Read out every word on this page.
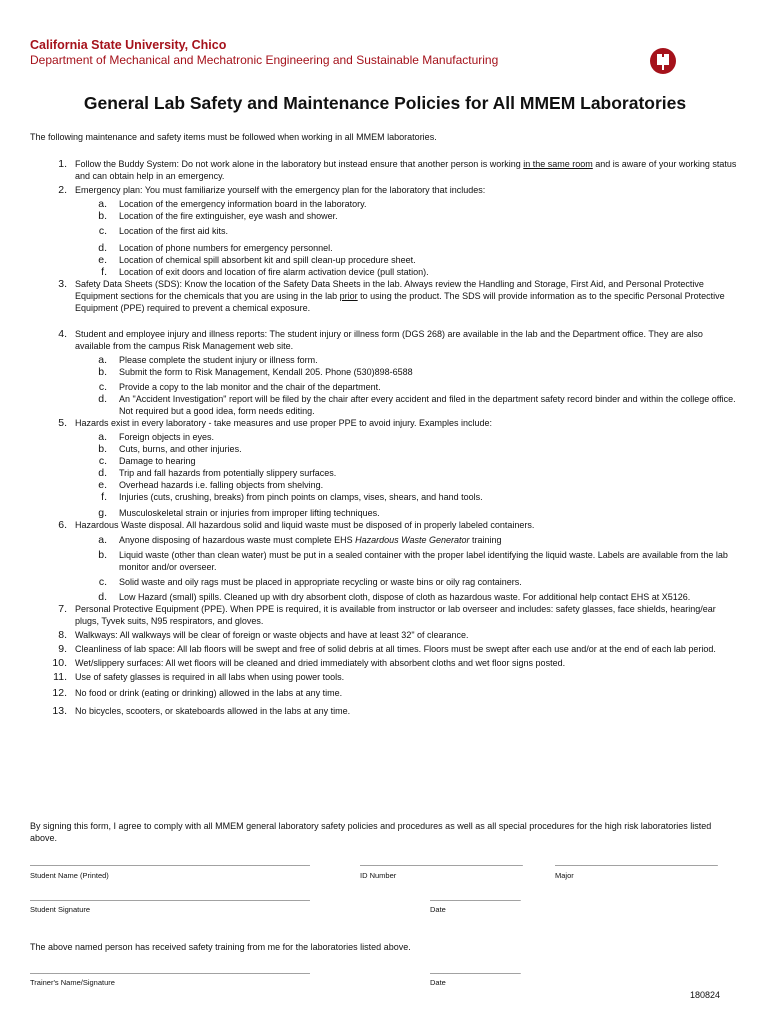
California State University, Chico
Department of Mechanical and Mechatronic Engineering and Sustainable Manufacturing
General Lab Safety and Maintenance Policies for All MMEM Laboratories
The following maintenance and safety items must be followed when working in all MMEM laboratories.
1. Follow the Buddy System: Do not work alone in the laboratory but instead ensure that another person is working in the same room and is aware of your working status and can obtain help in an emergency.
2. Emergency plan: You must familiarize yourself with the emergency plan for the laboratory that includes:
a. Location of the emergency information board in the laboratory.
b. Location of the fire extinguisher, eye wash and shower.
c. Location of the first aid kits.
d. Location of phone numbers for emergency personnel.
e. Location of chemical spill absorbent kit and spill clean-up procedure sheet.
f. Location of exit doors and location of fire alarm activation device (pull station).
3. Safety Data Sheets (SDS): Know the location of the Safety Data Sheets in the lab. Always review the Handling and Storage, First Aid, and Personal Protective Equipment sections for the chemicals that you are using in the lab prior to using the product. The SDS will provide information as to the specific Personal Protective Equipment (PPE) required to prevent a chemical exposure.
4. Student and employee injury and illness reports: The student injury or illness form (DGS 268) are available in the lab and the Department office. They are also available from the campus Risk Management web site.
a. Please complete the student injury or illness form.
b. Submit the form to Risk Management, Kendall 205. Phone (530)898-6588
c. Provide a copy to the lab monitor and the chair of the department.
d. An "Accident Investigation" report will be filed by the chair after every accident and filed in the department safety record binder and within the college office. Not required but a good idea, form needs editing.
5. Hazards exist in every laboratory - take measures and use proper PPE to avoid injury. Examples include:
a. Foreign objects in eyes.
b. Cuts, burns, and other injuries.
c. Damage to hearing
d. Trip and fall hazards from potentially slippery surfaces.
e. Overhead hazards i.e. falling objects from shelving.
f. Injuries (cuts, crushing, breaks) from pinch points on clamps, vises, shears, and hand tools.
g. Musculoskeletal strain or injuries from improper lifting techniques.
6. Hazardous Waste disposal. All hazardous solid and liquid waste must be disposed of in properly labeled containers.
a. Anyone disposing of hazardous waste must complete EHS Hazardous Waste Generator training
b. Liquid waste (other than clean water) must be put in a sealed container with the proper label identifying the liquid waste. Labels are available from the lab monitor and/or overseer.
c. Solid waste and oily rags must be placed in appropriate recycling or waste bins or oily rag containers.
d. Low Hazard (small) spills. Cleaned up with dry absorbent cloth, dispose of cloth as hazardous waste. For additional help contact EHS at X5126.
7. Personal Protective Equipment (PPE). When PPE is required, it is available from instructor or lab overseer and includes: safety glasses, face shields, hearing/ear plugs, Tyvek suits, N95 respirators, and gloves.
8. Walkways: All walkways will be clear of foreign or waste objects and have at least 32" of clearance.
9. Cleanliness of lab space: All lab floors will be swept and free of solid debris at all times. Floors must be swept after each use and/or at the end of each lab period.
10. Wet/slippery surfaces: All wet floors will be cleaned and dried immediately with absorbent cloths and wet floor signs posted.
11. Use of safety glasses is required in all labs when using power tools.
12. No food or drink (eating or drinking) allowed in the labs at any time.
13. No bicycles, scooters, or skateboards allowed in the labs at any time.
By signing this form, I agree to comply with all MMEM general laboratory safety policies and procedures as well as all special procedures for the high risk laboratories listed above.
______________________________________________________________	____________________________________	____________________________________
Student Name (Printed)	ID Number	Major
______________________________________________________________	____________________
Student Signature	Date
The above named person has received safety training from me for the laboratories listed above.
______________________________________________________________	____________________
Trainer's Name/Signature	Date
180824
